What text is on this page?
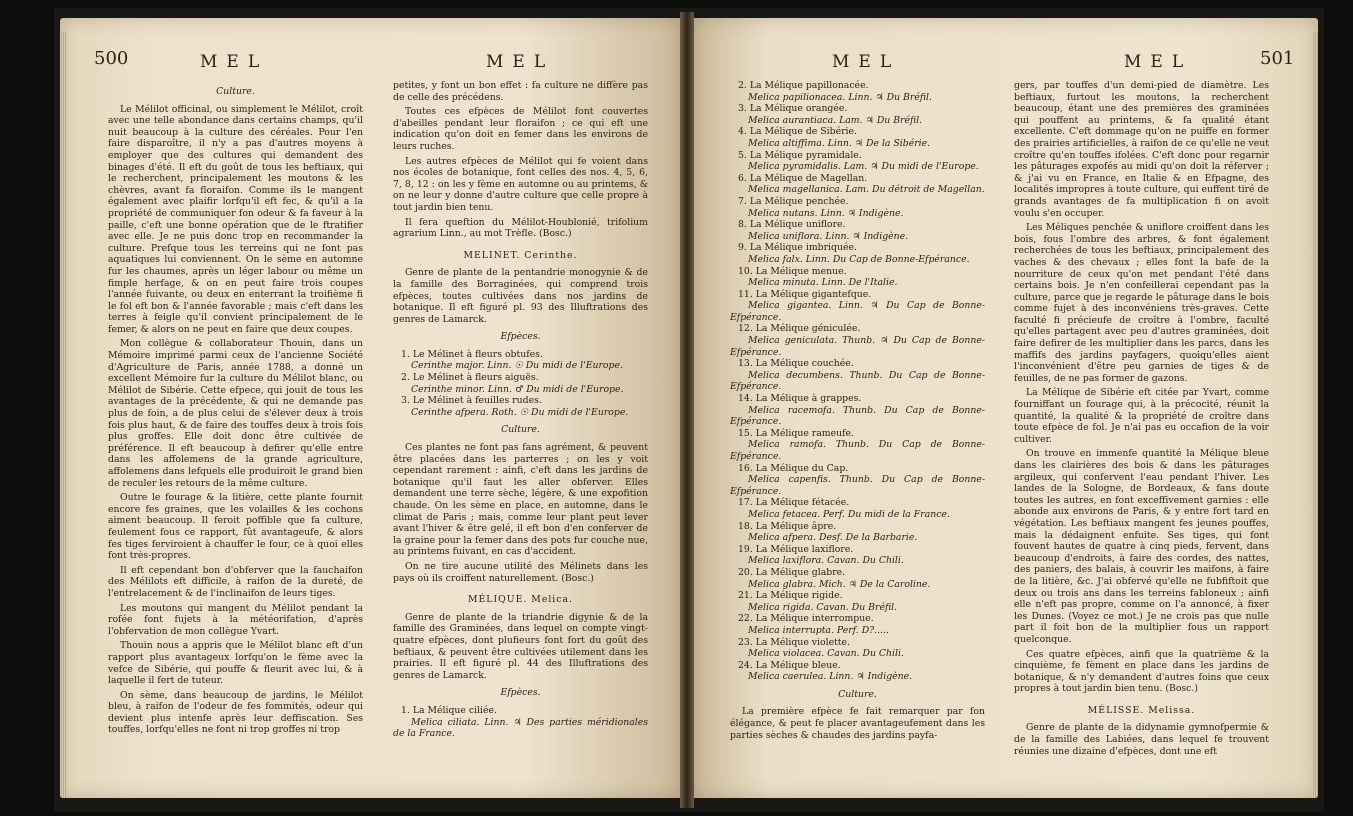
500	MEL	MEL

Culture.

Le Mélilot officinal, ou simplement le Mélilot, croît avec une telle abondance dans certains champs, qu'il nuit beaucoup à la culture des céréales. Pour l'en faire disparoître, il n'y a pas d'autres moyens à employer que des cultures qui demandent des binages d'été. Il eft du goût de tous les beftiaux, qui le recherchent, principalement les moutons & les chèvres, avant fa floraifon. Comme ils le mangent également avec plaifir lorfqu'il eft fec, & qu'il a la propriété de communiquer fon odeur & fa faveur à la paille, c'eft une bonne opération que de le ftratifier avec elle. Je ne puis donc trop en recommander la culture. Prefque tous les terreins qui ne font pas aquatiques lui conviennent. On le sème en automne fur les chaumes, après un léger labour ou même un fimple herfage, & on en peut faire trois coupes l'année fuivante, ou deux en enterrant la troifième fi le fol eft bon & l'année favorable ; mais c'eft dans les terres à feigle qu'il convient principalement de le femer, & alors on ne peut en faire que deux coupes.

Mon collègue & collaborateur Thouin, dans un Mémoire imprimé parmi ceux de l'ancienne Société d'Agriculture de Paris, année 1788, a donné un excellent Mémoire fur la culture du Mélilot blanc, ou Mélilot de Sibérie. Cette efpece, qui jouit de tous les avantages de la précédente, & qui ne demande pas plus de foin, a de plus celui de s'élever deux à trois fois plus haut, & de faire des touffes deux à trois fois plus groffes. Elle doit donc être cultivée de préférence. Il eft beaucoup à defirer qu'elle entre dans les affolemens de la grande agriculture, affolemens dans lefquels elle produiroit le grand bien de reculer les retours de la même culture.

Outre le fourage & la litière, cette plante fournit encore fes graines, que les volailles & les cochons aiment beaucoup. Il feroit poffible que fa culture, feulement fous ce rapport, fût avantageufe, & alors fes tiges ferviroient à chauffer le four, ce à quoi elles font très-propres.

Il eft cependant bon d'obferver que la fauchaifon des Mélilots eft difficile, à raifon de la dureté, de l'entrelacement & de l'inclinaifon de leurs tiges.

Les moutons qui mangent du Mélilot pendant la rofée font fujets à la météorifation, d'après l'obfervation de mon collègue Yvart.

Thouin nous a appris que le Mélilot blanc eft d'un rapport plus avantageux lorfqu'on le fème avec la vefce de Sibérie, qui pouffe & fleurit avec lui, & à laquelle il fert de tuteur.

On sème, dans beaucoup de jardins, le Mélilot bleu, à raifon de l'odeur de fes fommités, odeur qui devient plus intenfe après leur deffiscation. Ses touffes, lorfqu'elles ne font ni trop groffes ni trop

petites, y font un bon effet : fa culture ne diffère pas de celle des précédens.

Toutes ces efpèces de Mélilot font couvertes d'abeilles pendant leur floraifon ; ce qui eft une indication qu'on doit en femer dans les environs de leurs ruches.

Les autres efpèces de Mélilot qui fe voient dans nos écoles de botanique, font celles des nos. 4, 5, 6, 7, 8, 12 : on les y fème en automne ou au printems, & on ne leur y donne d'autre culture que celle propre à tout jardin bien tenu.

Il fera queftion du Mélilot-Houblonié, trifolium agrarium Linn., au mot Trèfle. (Bosc.)

MELINET. Cerinthe.

Genre de plante de la pentandrie monogynie & de la famille des Borraginées, qui comprend trois efpèces, toutes cultivées dans nos jardins de botanique. Il eft figuré pl. 93 des Illuftrations des genres de Lamarck.

Efpèces.

1. Le Mélinet à fleurs obtufes.

Cerinthe major. Linn. ☉ Du midi de l'Europe.

2. Le Mélinet à fleurs aiguës.

Cerinthe minor. Linn. ♂ Du midi de l'Europe.

3. Le Mélinet à feuilles rudes.

Cerinthe afpera. Roth. ☉ Du midi de l'Europe.

Culture.

Ces plantes ne font pas fans agrément, & peuvent être placées dans les parterres ; on les y voit cependant rarement : ainfi, c'eft dans les jardins de botanique qu'il faut les aller obferver. Elles demandent une terre sèche, légère, & une expofition chaude. On les sème en place, en automne, dans le climat de Paris ; mais, comme leur plant peut lever avant l'hiver & être gelé, il eft bon d'en conferver de la graine pour la femer dans des pots fur couche nue, au printems fuivant, en cas d'accident.

On ne tire aucune utilité des Mélinets dans les pays où ils croiffent naturellement. (Bosc.)

MÉLIQUE. Melica.

Genre de plante de la triandrie digynie & de la famille des Graminées, dans lequel on compte vingt-quatre efpèces, dont plufieurs font fort du goût des beftiaux, & peuvent être cultivées utilement dans les prairies. Il eft figuré pl. 44 des Illuftrations des genres de Lamarck.

Efpèces.

1. La Mélique ciliée.

Melica ciliata. Linn. ♃ Des parties méridionales de la France.

MEL	MEL	501

2. La Mélique papillonacée.

Melica papilionacea. Linn. ♃ Du Bréfil.

3. La Mélique orangée.

Melica aurantiaca. Lam. ♃ Du Bréfil.

4. La Mélique de Sibérie.

Melica altiffima. Linn. ♃ De la Sibérie.

5. La Mélique pyramidale.

Melica pyramidalis. Lam. ♃ Du midi de l'Europe.

6. La Mélique de Magellan.

Melica magellanica. Lam. Du détroit de Magellan.

7. La Mélique penchée.

Melica nutans. Linn. ♃ Indigène.

8. La Mélique uniflore.

Melica uniflora. Linn. ♃ Indigène.

9. La Mélique imbriquée.

Melica falx. Linn. Du Cap de Bonne-Efpérance.

10. La Mélique menue.

Melica minuta. Linn. De l'Italie.

11. La Mélique gigantefque.

Melica gigantea. Linn. ♃ Du Cap de Bonne-Efpérance.

12. La Mélique géniculée.

Melica geniculata. Thunb. ♃ Du Cap de Bonne-Efpérance.

13. La Mélique couchée.

Melica decumbens. Thunb. Du Cap de Bonne-Efpérance.

14. La Mélique à grappes.

Melica racemofa. Thunb. Du Cap de Bonne-Efpérance.

15. La Mélique rameufe.

Melica ramofa. Thunb. Du Cap de Bonne-Efpérance.

16. La Mélique du Cap.

Melica capenfis. Thunb. Du Cap de Bonne-Efpérance.

17. La Mélique fétacée.

Melica fetacea. Perf. Du midi de la France.

18. La Mélique âpre.

Melica afpera. Desf. De la Barbarie.

19. La Mélique laxiflore.

Melica laxiflora. Cavan. Du Chili.

20. La Mélique glabre.

Melica glabra. Mich. ♃ De la Caroline.

21. La Mélique rigide.

Melica rigida. Cavan. Du Bréfil.

22. La Mélique interrompue.

Melica interrupta. Perf. D?.....

23. La Mélique violette.

Melica violacea. Cavan. Du Chili.

24. La Mélique bleue.

Melica caerulea. Linn. ♃ Indigène.

Culture.

La première efpèce fe fait remarquer par fon élégance, & peut fe placer avantageufement dans les parties sèches & chaudes des jardins payfa-

gers, par touffes d'un demi-pied de diamètre. Les beftiaux, furtout les moutons, la recherchent beaucoup, étant une des premières des graminées qui pouffent au printems, & fa qualité étant excellente. C'eft dommage qu'on ne puiffe en former des prairies artificielles, à raifon de ce qu'elle ne veut croître qu'en touffes ifolées. C'eft donc pour regarnir les pâturages expofés au midi qu'on doit la réferver ; & j'ai vu en France, en Italie & en Efpagne, des localités impropres à toute culture, qui euffent tiré de grands avantages de fa multiplication fi on avoit voulu s'en occuper.

Les Méliques penchée & uniflore croiffent dans les bois, fous l'ombre des arbres, & font également recherchées de tous les beftiaux, principalement des vaches & des chevaux ; elles font la bafe de la nourriture de ceux qu'on met pendant l'été dans certains bois. Je n'en confeillerai cependant pas la culture, parce que je regarde le pâturage dans le bois comme fujet à des inconvéniens très-graves. Cette faculté fi précieufe de croître à l'ombre, faculté qu'elles partagent avec peu d'autres graminées, doit faire defirer de les multiplier dans les parcs, dans les maffifs des jardins payfagers, quoiqu'elles aient l'inconvénient d'être peu garnies de tiges & de feuilles, de ne pas former de gazons.

La Mélique de Sibérie eft citée par Yvart, comme fourniffant un fourage qui, à la précocité, réunit la quantité, la qualité & la propriété de croître dans toute efpèce de fol. Je n'ai pas eu occafion de la voir cultiver.

On trouve en immenfe quantité la Mélique bleue dans les clairières des bois & dans les pâturages argileux, qui confervent l'eau pendant l'hiver. Les landes de la Sologne, de Bordeaux, & fans doute toutes les autres, en font exceffivement garnies : elle abonde aux environs de Paris, & y entre fort tard en végétation. Les beftiaux mangent fes jeunes pouffes, mais la dédaignent enfuite. Ses tiges, qui font fouvent hautes de quatre à cinq pieds, fervent, dans beaucoup d'endroits, à faire des cordes, des nattes, des paniers, des balais, à couvrir les maifons, à faire de la litière, &c. J'ai obfervé qu'elle ne fubfiftoit que deux ou trois ans dans les terreins fabloneux ; ainfi elle n'eft pas propre, comme on l'a annoncé, à fixer les Dunes. (Voyez ce mot.) Je ne crois pas que nulle part il foit bon de la multiplier fous un rapport quelconque.

Ces quatre efpèces, ainfi que la quatrième & la cinquième, fe fèment en place dans les jardins de botanique, & n'y demandent d'autres foins que ceux propres à tout jardin bien tenu. (Bosc.)

MÉLISSE. Melissa.

Genre de plante de la didynamie gymnofpermie & de la famille des Labiées, dans lequel fe trouvent réunies une dizaine d'efpèces, dont une eft
